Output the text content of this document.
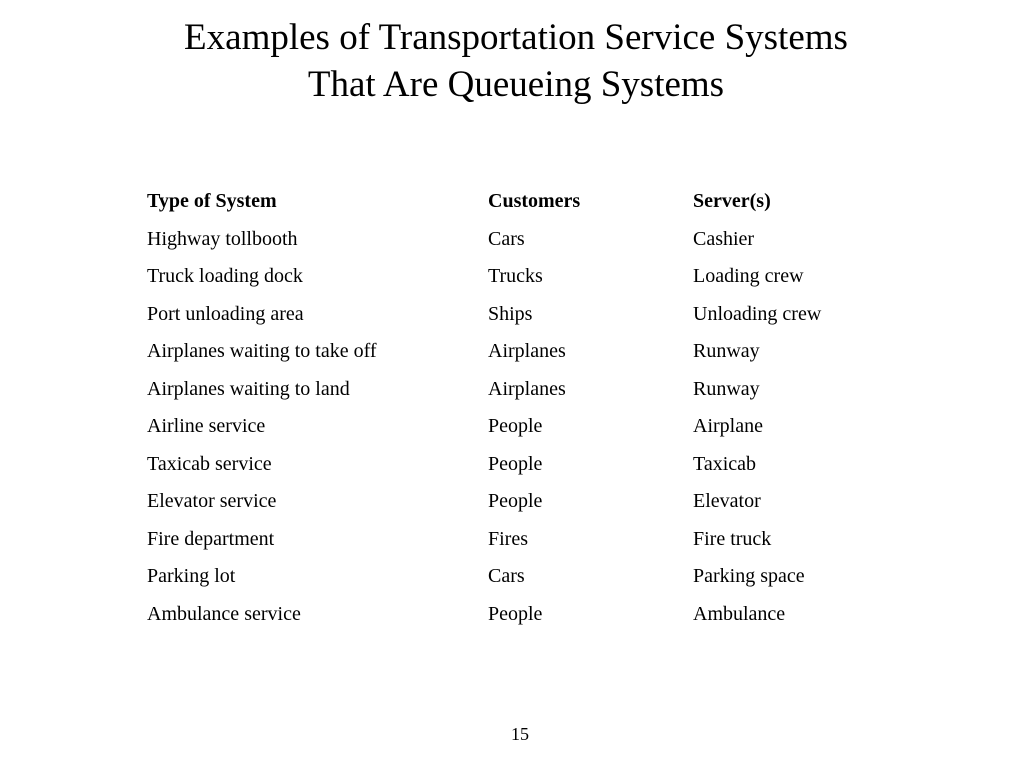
Examples of Transportation Service Systems
That Are Queueing Systems
Type of System	Customers	Server(s)
Highway tollbooth	Cars	Cashier
Truck loading dock	Trucks	Loading crew
Port unloading area	Ships	Unloading crew
Airplanes waiting to take off	Airplanes	Runway
Airplanes waiting to land	Airplanes	Runway
Airline service	People	Airplane
Taxicab service	People	Taxicab
Elevator service	People	Elevator
Fire department	Fires	Fire truck
Parking lot	Cars	Parking space
Ambulance service	People	Ambulance
15
